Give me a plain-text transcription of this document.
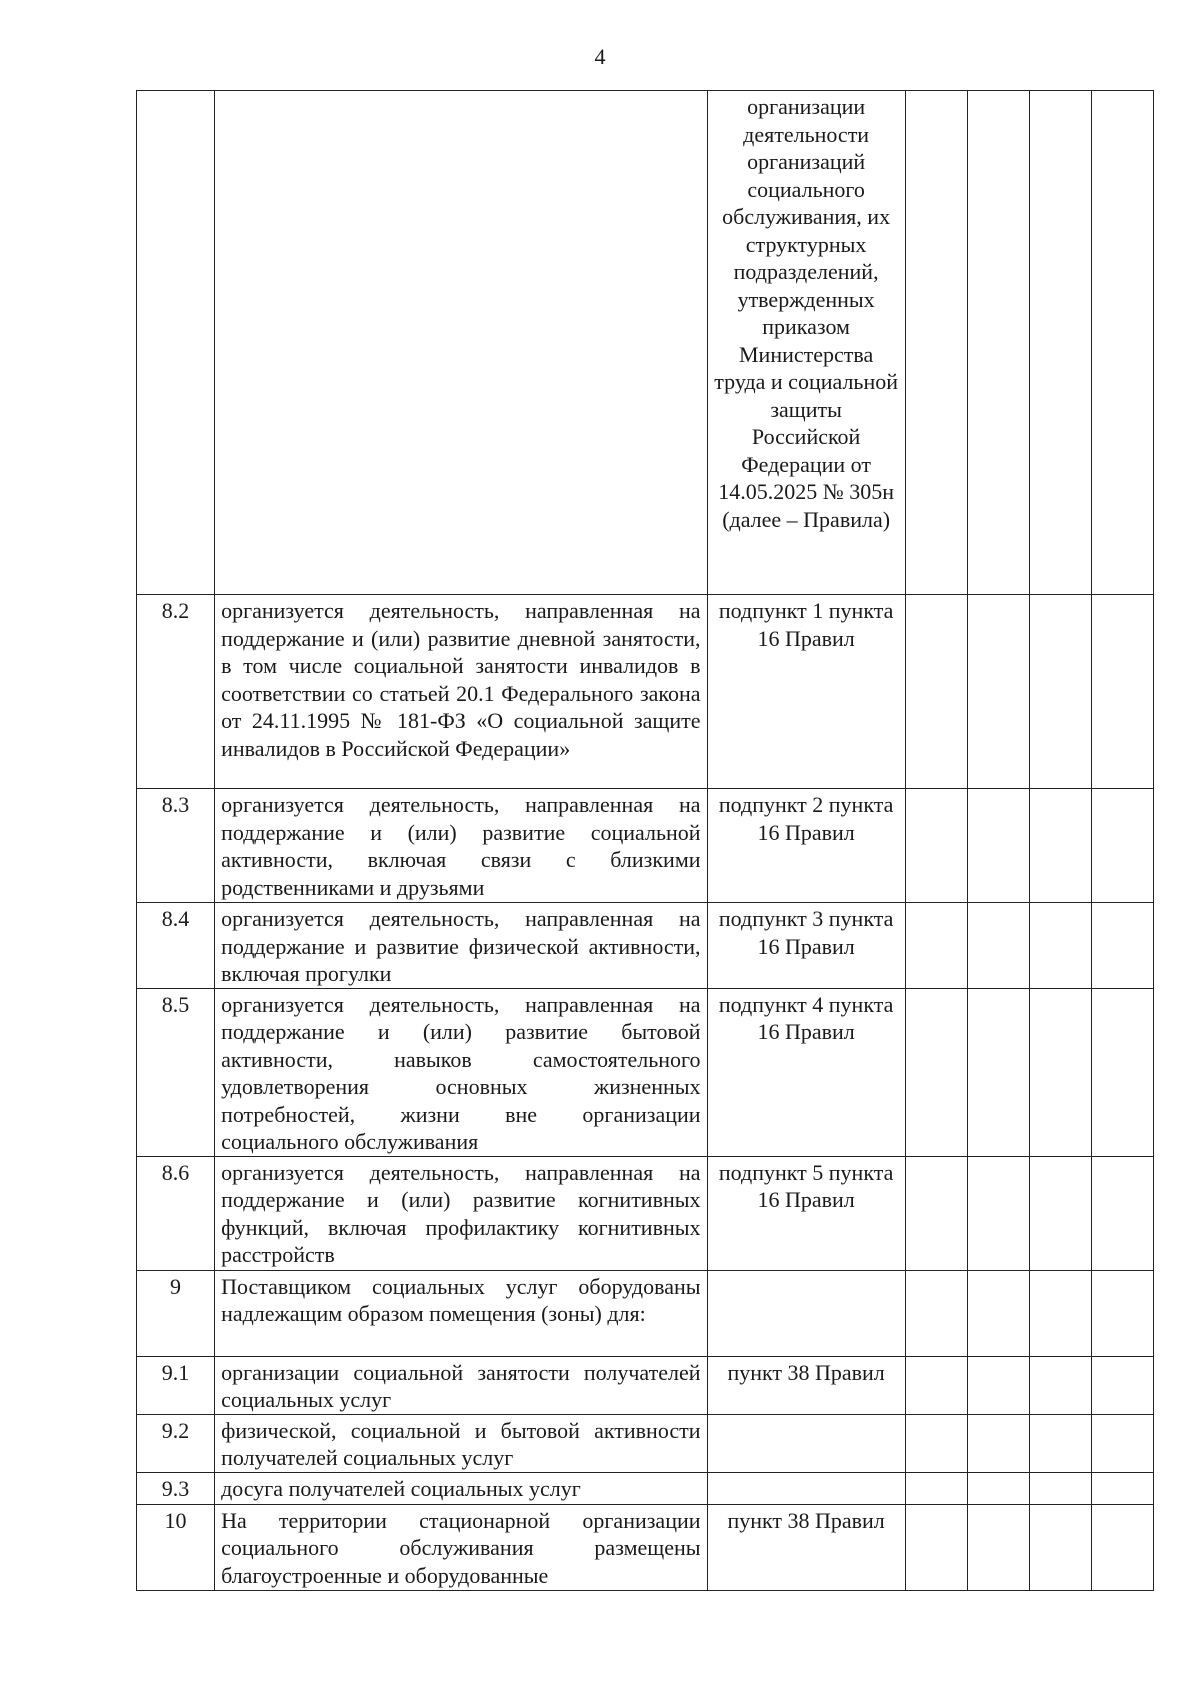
4
		организации деятельности организаций социального обслуживания, их структурных подразделений, утвержденных приказом Министерства труда и социальной защиты Российской Федерации от 14.05.2025 № 305н (далее – Правила)				
8.2	организуется деятельность, направленная на поддержание и (или) развитие дневной занятости, в том числе социальной занятости инвалидов в соответствии со статьей 20.1 Федерального закона от 24.11.1995 № 181-ФЗ «О социальной защите инвалидов в Российской Федерации»	подпункт 1 пункта 16 Правил				
8.3	организуется деятельность, направленная на поддержание и (или) развитие социальной активности, включая связи с близкими родственниками и друзьями	подпункт 2 пункта 16 Правил				
8.4	организуется деятельность, направленная на поддержание и развитие физической активности, включая прогулки	подпункт 3 пункта 16 Правил				
8.5	организуется деятельность, направленная на поддержание и (или) развитие бытовой активности, навыков самостоятельного удовлетворения основных жизненных потребностей, жизни вне организации социального обслуживания	подпункт 4 пункта 16 Правил				
8.6	организуется деятельность, направленная на поддержание и (или) развитие когнитивных функций, включая профилактику когнитивных расстройств	подпункт 5 пункта 16 Правил				
9	Поставщиком социальных услуг оборудованы надлежащим образом помещения (зоны) для:					
9.1	организации социальной занятости получателей социальных услуг	пункт 38 Правил				
9.2	физической, социальной и бытовой активности получателей социальных услуг					
9.3	досуга получателей социальных услуг					
10	На территории стационарной организации социального обслуживания размещены благоустроенные и оборудованные	пункт 38 Правил				
